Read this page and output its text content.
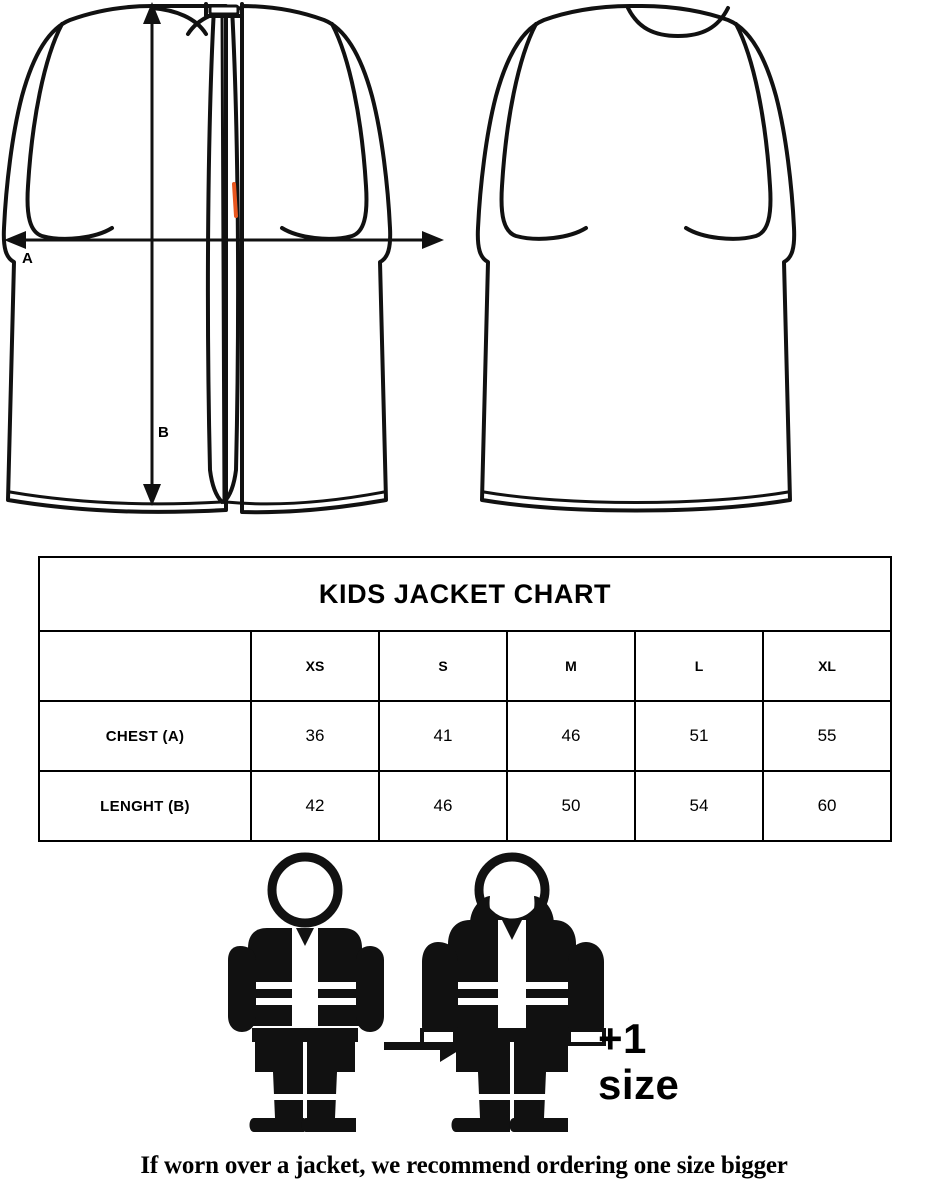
A
B
KIDS JACKET CHART					
	XS	S	M	L	XL
CHEST (A)	36	41	46	51	55
LENGHT (B)	42	46	50	54	60
+1
size
If worn over a jacket, we recommend ordering one size bigger
